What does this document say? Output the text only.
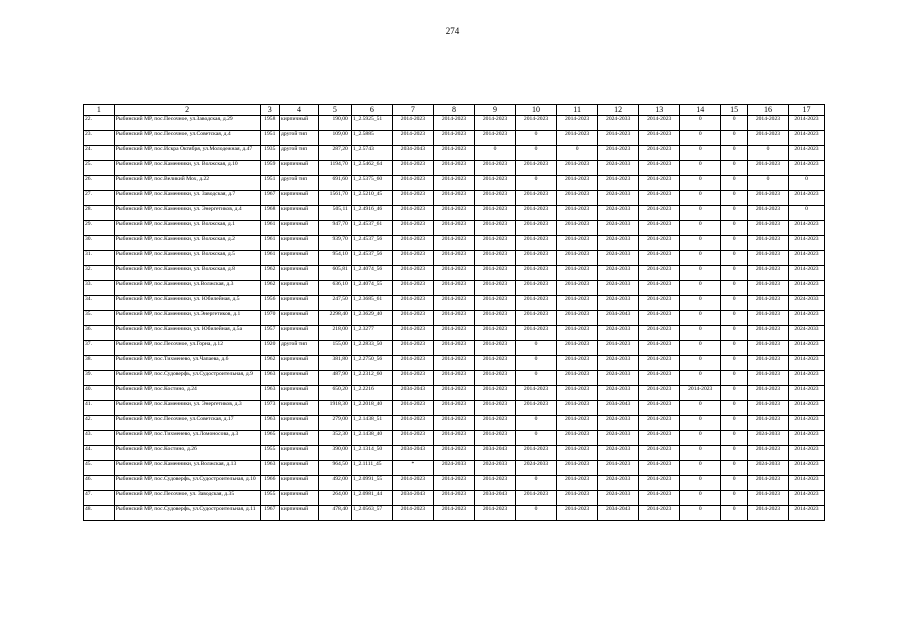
274
1	2	3	4	5	6	7	8	9	10	11	12	13	14	15	16	17
22.	Рыбинский МР, пос.Песочное, ул.Заводская, д.29	1958	кирпичный	190,00	1_2.5925_51	2014-2023	2014-2023	2014-2023	2014-2023	2014-2023	2024-2033	2014-2023	0	0	2014-2023	2014-2023
23.	Рыбинский МР, пос.Песочное, ул.Советская, д.4	1951	другой тип	109,00	1_2.5885	2014-2023	2014-2023	2014-2023	0	2014-2023	2014-2023	2014-2023	0	0	2014-2023	2014-2023
24.	Рыбинский МР, пос.Искра Октября, ул.Молодежная, д.47	1935	другой тип	287,20	1_2.5743	2034-2043	2014-2023	0	0	0	2014-2023	2014-2023	0	0	0	2014-2023
25.	Рыбинский МР, пос.Каменники, ул. Волжская, д.10	1959	кирпичный	1194,70	1_2.5462_64	2014-2023	2014-2023	2014-2023	2014-2023	2014-2023	2024-2033	2014-2023	0	0	2014-2023	2014-2023
26.	Рыбинский МР, пос.Великий Мох, д.22	1951	другой тип	691,60	1_2.5375_60	2014-2023	2014-2023	2014-2023	0	2014-2023	2014-2023	2014-2023	0	0	0	0
27.	Рыбинский МР, пос.Каменники, ул. Заводская, д.7	1967	кирпичный	1561,70	1_2.5210_45	2014-2023	2014-2023	2014-2023	2014-2023	2014-2023	2024-2033	2014-2023	0	0	2014-2023	2014-2023
28.	Рыбинский МР, пос.Каменники, ул. Энергетиков, д.4	1968	кирпичный	505,11	1_2.4916_46	2014-2023	2014-2023	2014-2023	2014-2023	2014-2023	2024-2033	2014-2023	0	0	2014-2023	0
29.	Рыбинский МР, пос.Каменники, ул. Волжская, д.1	1961	кирпичный	947,70	1_2.4537_61	2014-2023	2014-2023	2014-2023	2014-2023	2014-2023	2024-2033	2014-2023	0	0	2014-2023	2014-2023
30.	Рыбинский МР, пос.Каменники, ул. Волжская, д.2	1961	кирпичный	939,70	1_2.4537_56	2014-2023	2014-2023	2014-2023	2014-2023	2014-2023	2024-2033	2014-2023	0	0	2014-2023	2014-2023
31.	Рыбинский МР, пос.Каменники, ул. Волжская, д.5	1961	кирпичный	954,10	1_2.4537_56	2014-2023	2014-2023	2014-2023	2014-2023	2014-2023	2024-2033	2014-2023	0	0	2014-2023	2014-2023
32.	Рыбинский МР, пос.Каменники, ул. Волжская, д.8	1962	кирпичный	605,81	1_2.4074_56	2014-2023	2014-2023	2014-2023	2014-2023	2014-2023	2024-2033	2014-2023	0	0	2014-2023	2014-2023
33.	Рыбинский МР, пос.Каменники, ул.Волжская, д.3	1962	кирпичный	636,10	1_2.4074_55	2014-2023	2014-2023	2014-2023	2014-2023	2014-2023	2024-2033	2014-2023	0	0	2014-2023	2014-2023
34.	Рыбинский МР, пос.Каменники, ул. Юбилейная, д.5	1956	кирпичный	247,50	1_2.3685_61	2014-2023	2014-2023	2014-2023	2014-2023	2014-2023	2024-2033	2014-2023	0	0	2014-2023	2024-2033
35.	Рыбинский МР, пос.Каменники, ул.Энергетиков, д.1	1970	кирпичный	2298,40	1_2.3629_40	2014-2023	2014-2023	2014-2023	2014-2023	2014-2023	2034-2043	2014-2023	0	0	2014-2023	2014-2023
36.	Рыбинский МР, пос.Каменники, ул. Юбилейная, д.5а	1957	кирпичный	218,00	1_2.3277	2014-2023	2014-2023	2014-2023	2014-2023	2014-2023	2024-2033	2014-2023	0	0	2014-2023	2024-2033
37.	Рыбинский МР, пос.Песочное, ул.Горна, д.12	1920	другой тип	155,00	1_2.2833_50	2014-2023	2014-2023	2014-2023	0	2014-2023	2014-2023	2014-2023	0	0	2014-2023	2014-2023
38.	Рыбинский МР, пос.Тихменево, ул.Чапаева, д.6	1962	кирпичный	381,80	1_2.2750_56	2014-2023	2014-2023	2014-2023	0	2014-2023	2024-2033	2014-2023	0	0	2014-2023	2014-2023
39.	Рыбинский МР, пос.Судоверфь, ул.Судостроительная, д.9	1963	кирпичный	487,90	1_2.2312_60	2014-2023	2014-2023	2014-2023	0	2014-2023	2024-2033	2014-2023	0	0	2014-2023	2014-2023
40.	Рыбинский МР, пос.Костино, д.24	1963	кирпичный	650,20	1_2.2216	2034-2043	2014-2023	2014-2023	2014-2023	2014-2023	2024-2033	2014-2023	2014-2023	0	2014-2023	2014-2023
41.	Рыбинский МР, пос.Каменники, ул. Энергетиков, д.3	1973	кирпичный	1918,30	1_2.2018_40	2014-2023	2014-2023	2014-2023	2014-2023	2014-2023	2034-2043	2014-2023	0	0	2014-2023	2014-2023
42.	Рыбинский МР, пос.Песочное, ул.Советская, д.17	1963	кирпичный	279,00	1_2.1438_51	2014-2023	2014-2023	2014-2023	0	2014-2023	2024-2033	2014-2023	0	0	2014-2023	2014-2023
43.	Рыбинский МР, пос.Тихменево, ул.Ломоносова, д.3	1965	кирпичный	352,30	1_2.1438_40	2014-2023	2014-2023	2014-2023	0	2014-2023	2024-2033	2014-2023	0	0	2024-2033	2014-2023
44.	Рыбинский МР, пос.Костино, д.26	1955	кирпичный	390,00	1_2.1314_50	2034-2043	2014-2023	2034-2043	2014-2023	2014-2023	2024-2033	2014-2023	0	0	2014-2023	2014-2023
45.	Рыбинский МР, пос.Каменники, ул.Волжская, д.13	1963	кирпичный	964,50	1_2.1111_45	*	2024-2033	2024-2033	2024-2033	2014-2023	2014-2023	2014-2023	0	0	2024-2033	2014-2023
46.	Рыбинский МР, пос.Судоверфь, ул.Судостроительная, д.10	1966	кирпичный	492,00	1_2.0991_55	2014-2023	2014-2023	2014-2023	0	2014-2023	2024-2033	2014-2023	0	0	2014-2023	2014-2023
47.	Рыбинский МР, пос.Песочное, ул. Заводская, д.35	1955	кирпичный	264,00	1_2.0981_44	2034-2043	2014-2023	2034-2043	2014-2023	2014-2023	2024-2033	2014-2023	0	0	2014-2023	2014-2023
48.	Рыбинский МР, пос.Судоверфь, ул.Судостроительная, д.11	1967	кирпичный	478,40	1_2.0563_57	2014-2023	2014-2023	2014-2023	0	2014-2023	2034-2043	2014-2023	0	0	2014-2023	2014-2023
